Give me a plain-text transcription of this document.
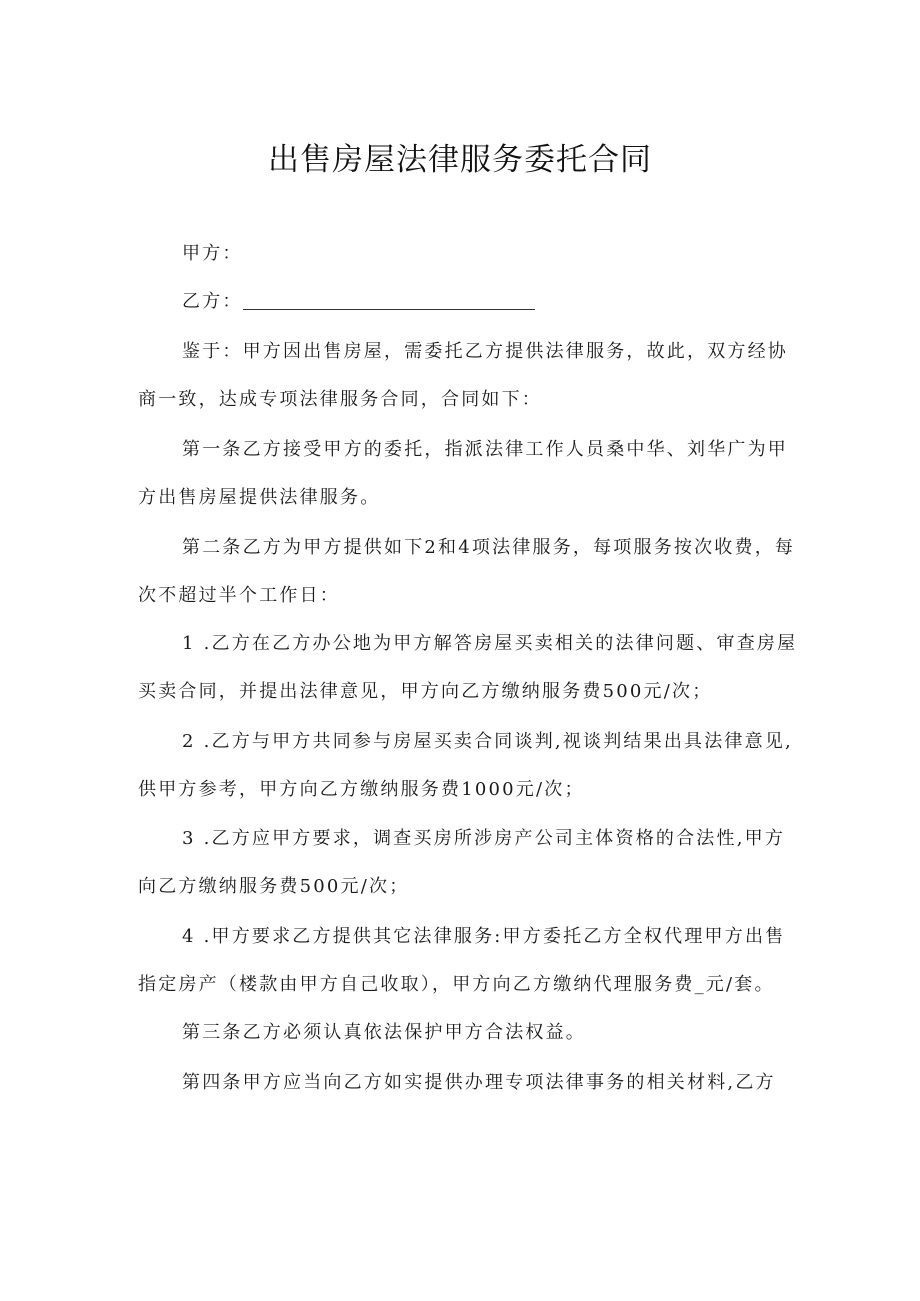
出售房屋法律服务委托合同
甲方：
乙方：
鉴于：甲方因出售房屋，需委托乙方提供法律服务，故此，双方经协
商一致，达成专项法律服务合同，合同如下：
第一条乙方接受甲方的委托，指派法律工作人员桑中华、刘华广为甲
方出售房屋提供法律服务。
第二条乙方为甲方提供如下2和4项法律服务，每项服务按次收费，每
次不超过半个工作日：
1 .乙方在乙方办公地为甲方解答房屋买卖相关的法律问题、审查房屋
买卖合同，并提出法律意见，甲方向乙方缴纳服务费500元/次；
2 .乙方与甲方共同参与房屋买卖合同谈判,视谈判结果出具法律意见,
供甲方参考，甲方向乙方缴纳服务费1000元/次；
3 .乙方应甲方要求，调查买房所涉房产公司主体资格的合法性,甲方
向乙方缴纳服务费500元/次；
4 .甲方要求乙方提供其它法律服务:甲方委托乙方全权代理甲方出售
指定房产（楼款由甲方自己收取），甲方向乙方缴纳代理服务费_元/套。
第三条乙方必须认真依法保护甲方合法权益。
第四条甲方应当向乙方如实提供办理专项法律事务的相关材料,乙方
